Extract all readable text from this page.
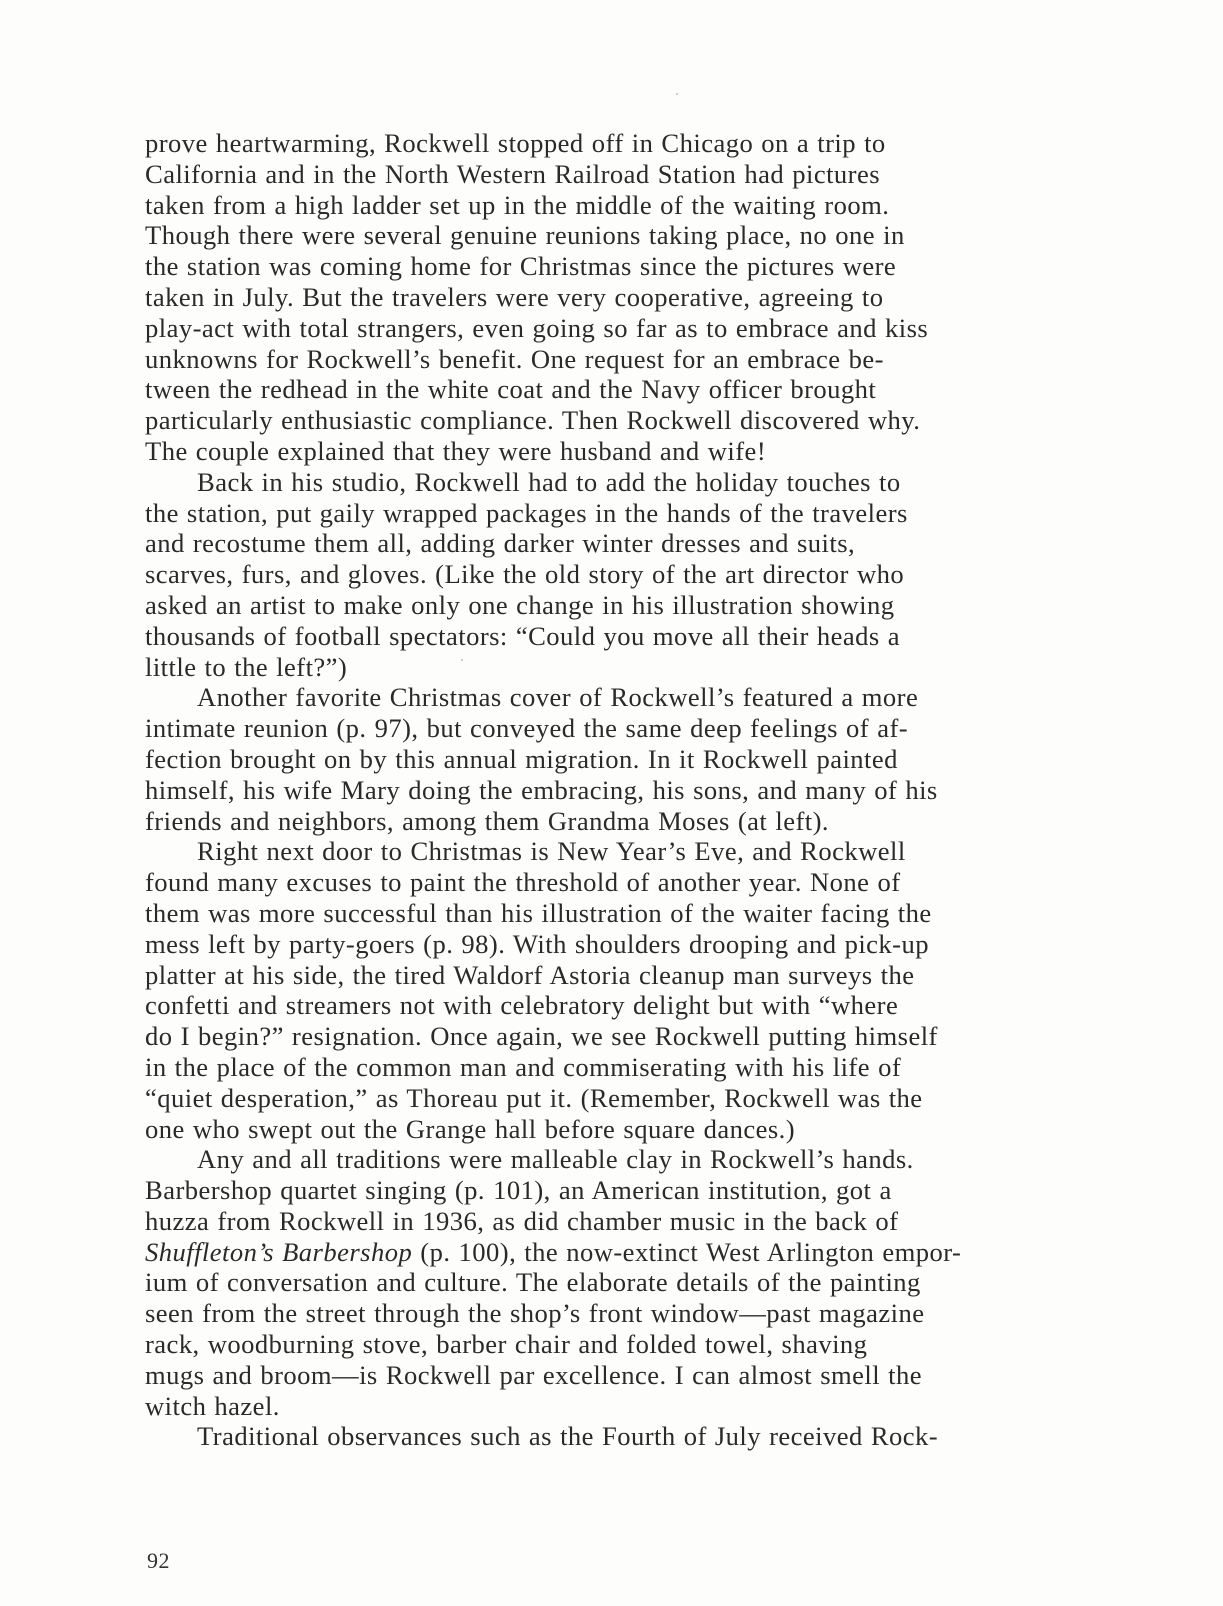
prove heartwarming, Rockwell stopped off in Chicago on a trip to
California and in the North Western Railroad Station had pictures
taken from a high ladder set up in the middle of the waiting room.
Though there were several genuine reunions taking place, no one in
the station was coming home for Christmas since the pictures were
taken in July. But the travelers were very cooperative, agreeing to
play-act with total strangers, even going so far as to embrace and kiss
unknowns for Rockwell’s benefit. One request for an embrace be-
tween the redhead in the white coat and the Navy officer brought
particularly enthusiastic compliance. Then Rockwell discovered why.
The couple explained that they were husband and wife!

Back in his studio, Rockwell had to add the holiday touches to
the station, put gaily wrapped packages in the hands of the travelers
and recostume them all, adding darker winter dresses and suits,
scarves, furs, and gloves. (Like the old story of the art director who
asked an artist to make only one change in his illustration showing
thousands of football spectators: “Could you move all their heads a
little to the left?”)

Another favorite Christmas cover of Rockwell’s featured a more
intimate reunion (p. 97), but conveyed the same deep feelings of af-
fection brought on by this annual migration. In it Rockwell painted
himself, his wife Mary doing the embracing, his sons, and many of his
friends and neighbors, among them Grandma Moses (at left).

Right next door to Christmas is New Year’s Eve, and Rockwell
found many excuses to paint the threshold of another year. None of
them was more successful than his illustration of the waiter facing the
mess left by party-goers (p. 98). With shoulders drooping and pick-up
platter at his side, the tired Waldorf Astoria cleanup man surveys the
confetti and streamers not with celebratory delight but with “where
do I begin?” resignation. Once again, we see Rockwell putting himself
in the place of the common man and commiserating with his life of
“quiet desperation,” as Thoreau put it. (Remember, Rockwell was the
one who swept out the Grange hall before square dances.)

Any and all traditions were malleable clay in Rockwell’s hands.
Barbershop quartet singing (p. 101), an American institution, got a
huzza from Rockwell in 1936, as did chamber music in the back of
Shuffleton’s Barbershop (p. 100), the now-extinct West Arlington empor-
ium of conversation and culture. The elaborate details of the painting
seen from the street through the shop’s front window—past magazine
rack, woodburning stove, barber chair and folded towel, shaving
mugs and broom—is Rockwell par excellence. I can almost smell the
witch hazel.

Traditional observances such as the Fourth of July received Rock-

92
